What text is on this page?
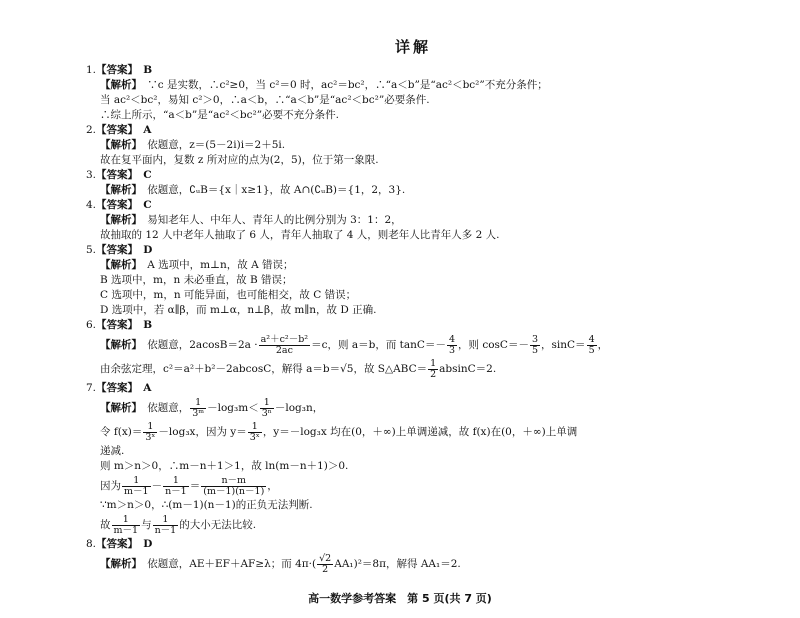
详解
1.【答案】　 B
【解析】　 ∵c 是实数，∴c²≥0，当 c²＝0 时，ac²＝bc²，∴“a＜b”是“ac²＜bc²”不充分条件；
当 ac²＜bc²，易知 c²＞0，∴a＜b，∴“a＜b”是“ac²＜bc²”必要条件.
∴综上所示，“a＜b”是“ac²＜bc²”必要不充分条件.
2.【答案】　 A
【解析】　 依题意，z＝(5－2i)i＝2＋5i.
故在复平面内，复数 z 所对应的点为(2，5)，位于第一象限.
3.【答案】　 C
【解析】　 依题意，∁ᵤB＝{x｜x≥1}，故 A∩(∁ᵤB)＝{1，2，3}.
4.【答案】　 C
【解析】　 易知老年人、中年人、青年人的比例分别为 3：1：2，
故抽取的 12 人中老年人抽取了 6 人，青年人抽取了 4 人，则老年人比青年人多 2 人.
5.【答案】　 D
【解析】　 A 选项中，m⊥n，故 A 错误；
B 选项中，m，n 未必垂直，故 B 错误；
C 选项中，m，n 可能异面，也可能相交，故 C 错误；
D 选项中，若 α∥β，而 m⊥α，n⊥β，故 m∥n，故 D 正确.
6.【答案】　 B
【解析】　 依题意，$2acosB=2a \cdot \frac{\text{a²＋c²－b²}}{2ac} =c$，则 a＝b，而 $\tan C=- \frac{4}{3}$ ，则 $\cos C=- \frac{3}{5}$ ，$\sin C= \frac{4}{5}$ ，
由余弦定理，c²＝a²＋b²－2abcosC，解得 a＝b＝√5，故 S△ABC＝ $\frac{1}{2} absinC=2$.
7.【答案】　 A
【解析】　 依题意， $\frac{1}{\text{3ᵐ}} -\log_3m< \frac{1}{\text{3ⁿ}} -\log_3n$，
令 $f(x)= \frac{1}{\text{3ˣ}} -\log_3x$，因为 $y= \frac{1}{\text{3ˣ}}$ ，y＝－log₃x 均在(0，＋∞)上单调递减，故 f(x)在(0，＋∞)上单调
递减.
则 m＞n＞0，∴m－n＋1＞1，故 ln(m－n＋1)＞0.
因为 $\frac{1}{m-1} - \frac{1}{n-1} = \frac{n-m}{(m-1)(n-1)}$ ，
∵m＞n＞0，∴(m－1)(n－1)的正负无法判断.
故 $\frac{1}{m-1}$ 与 $\frac{1}{n-1}$ 的大小无法比较.
8.【答案】　 D
【解析】　 依题意，AE＋EF＋AF≥λ；而 $4\pi\cdot( \frac{√2}{2} AA_1)^2=8\pi$，解得 AA₁＝2.
高一数学参考答案　第 5 页(共 7 页)
